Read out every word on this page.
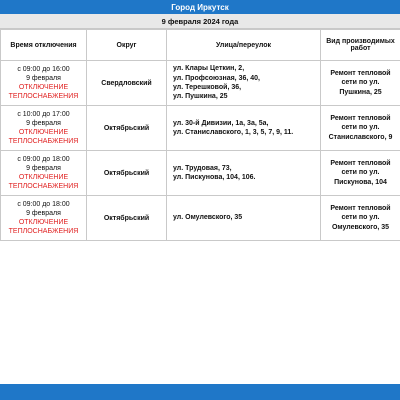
Город Иркутск
9 февраля 2024 года
Время отключения	Округ	Улица/переулок	Вид производимых работ

с 09:00 до 16:00
9 февраля
ОТКЛЮЧЕНИЕ
ТЕПЛОСНАБЖЕНИЯ	Свердловский	ул. Клары Цеткин, 2,
ул. Профсоюзная, 36, 40,
ул. Терешковой, 36,
ул. Пушкина, 25	Ремонт тепловой
сети по ул.
Пушкина, 25

с 10:00 до 17:00
9 февраля
ОТКЛЮЧЕНИЕ
ТЕПЛОСНАБЖЕНИЯ	Октябрьский	ул. 30-й Дивизии, 1а, 3а, 5а,
ул. Станиславского, 1, 3, 5, 7, 9, 11.	Ремонт тепловой
сети по ул.
Станиславского, 9

с 09:00 до 18:00
9 февраля
ОТКЛЮЧЕНИЕ
ТЕПЛОСНАБЖЕНИЯ	Октябрьский	ул. Трудовая, 73,
ул. Пискунова, 104, 106.	Ремонт тепловой
сети по ул.
Пискунова, 104

с 09:00 до 18:00
9 февраля
ОТКЛЮЧЕНИЕ
ТЕПЛОСНАБЖЕНИЯ	Октябрьский	ул. Омулевского, 35	Ремонт тепловой
сети по ул.
Омулевского, 35
